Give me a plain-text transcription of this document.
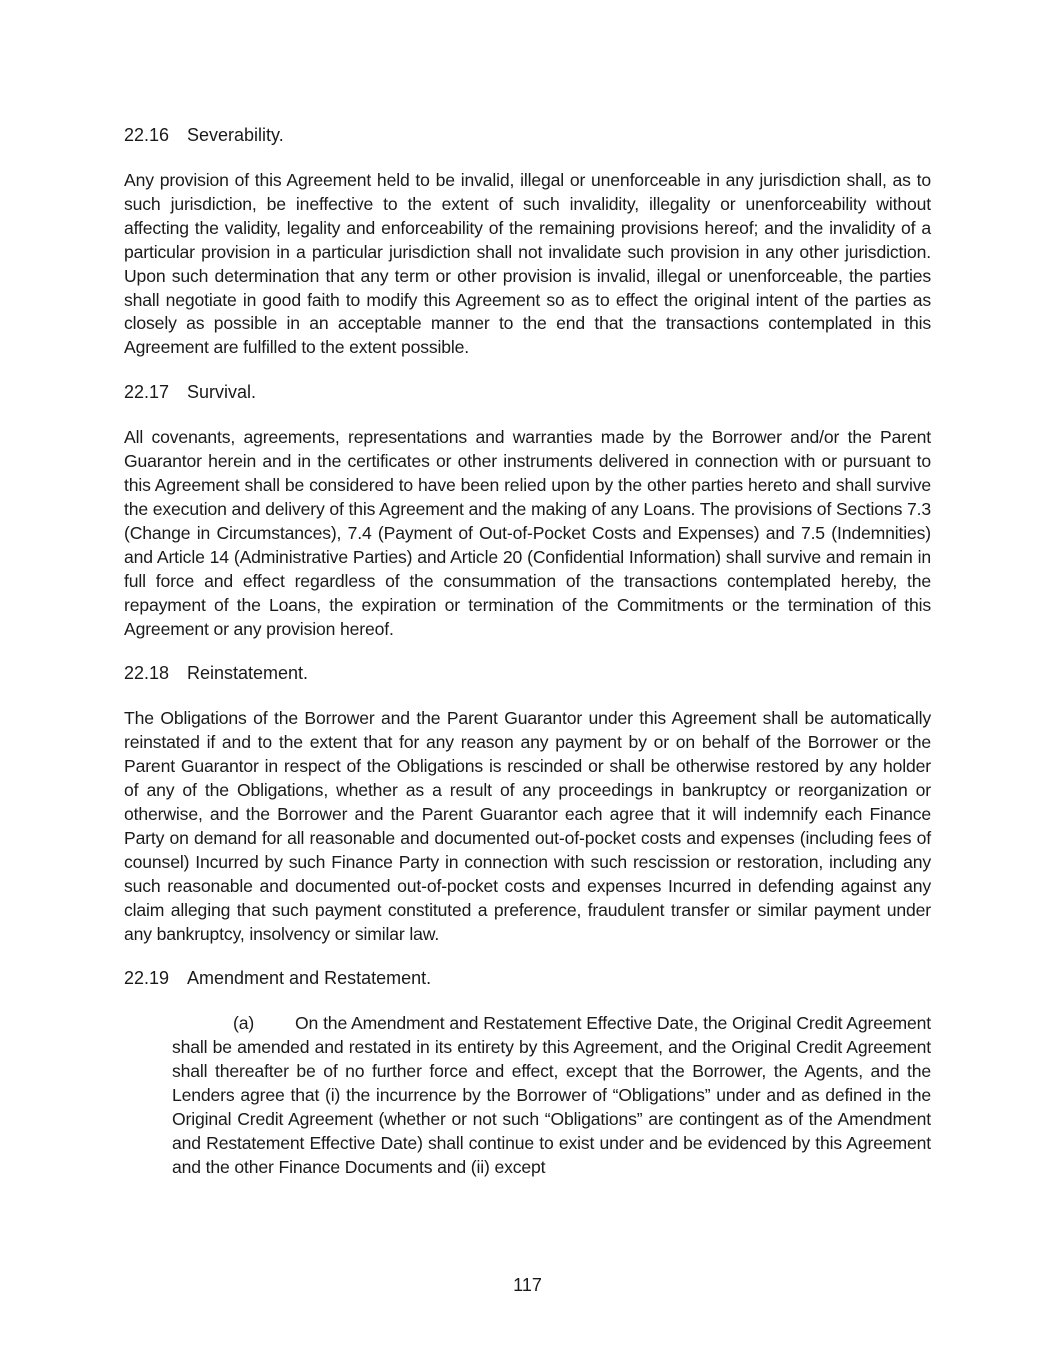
22.16 Severability.

Any provision of this Agreement held to be invalid, illegal or unenforceable in any jurisdiction shall, as to such jurisdiction, be ineffective to the extent of such invalidity, illegality or unenforceability without affecting the validity, legality and enforceability of the remaining provisions hereof; and the invalidity of a particular provision in a particular jurisdiction shall not invalidate such provision in any other jurisdiction. Upon such determination that any term or other provision is invalid, illegal or unenforceable, the parties shall negotiate in good faith to modify this Agreement so as to effect the original intent of the parties as closely as possible in an acceptable manner to the end that the transactions contemplated in this Agreement are fulfilled to the extent possible.

22.17 Survival.

All covenants, agreements, representations and warranties made by the Borrower and/or the Parent Guarantor herein and in the certificates or other instruments delivered in connection with or pursuant to this Agreement shall be considered to have been relied upon by the other parties hereto and shall survive the execution and delivery of this Agreement and the making of any Loans. The provisions of Sections 7.3 (Change in Circumstances), 7.4 (Payment of Out-of-Pocket Costs and Expenses) and 7.5 (Indemnities) and Article 14 (Administrative Parties) and Article 20 (Confidential Information) shall survive and remain in full force and effect regardless of the consummation of the transactions contemplated hereby, the repayment of the Loans, the expiration or termination of the Commitments or the termination of this Agreement or any provision hereof.

22.18 Reinstatement.

The Obligations of the Borrower and the Parent Guarantor under this Agreement shall be automatically reinstated if and to the extent that for any reason any payment by or on behalf of the Borrower or the Parent Guarantor in respect of the Obligations is rescinded or shall be otherwise restored by any holder of any of the Obligations, whether as a result of any proceedings in bankruptcy or reorganization or otherwise, and the Borrower and the Parent Guarantor each agree that it will indemnify each Finance Party on demand for all reasonable and documented out-of-pocket costs and expenses (including fees of counsel) Incurred by such Finance Party in connection with such rescission or restoration, including any such reasonable and documented out-of-pocket costs and expenses Incurred in defending against any claim alleging that such payment constituted a preference, fraudulent transfer or similar payment under any bankruptcy, insolvency or similar law.

22.19 Amendment and Restatement.

(a) On the Amendment and Restatement Effective Date, the Original Credit Agreement shall be amended and restated in its entirety by this Agreement, and the Original Credit Agreement shall thereafter be of no further force and effect, except that the Borrower, the Agents, and the Lenders agree that (i) the incurrence by the Borrower of “Obligations” under and as defined in the Original Credit Agreement (whether or not such “Obligations” are contingent as of the Amendment and Restatement Effective Date) shall continue to exist under and be evidenced by this Agreement and the other Finance Documents and (ii) except

117
